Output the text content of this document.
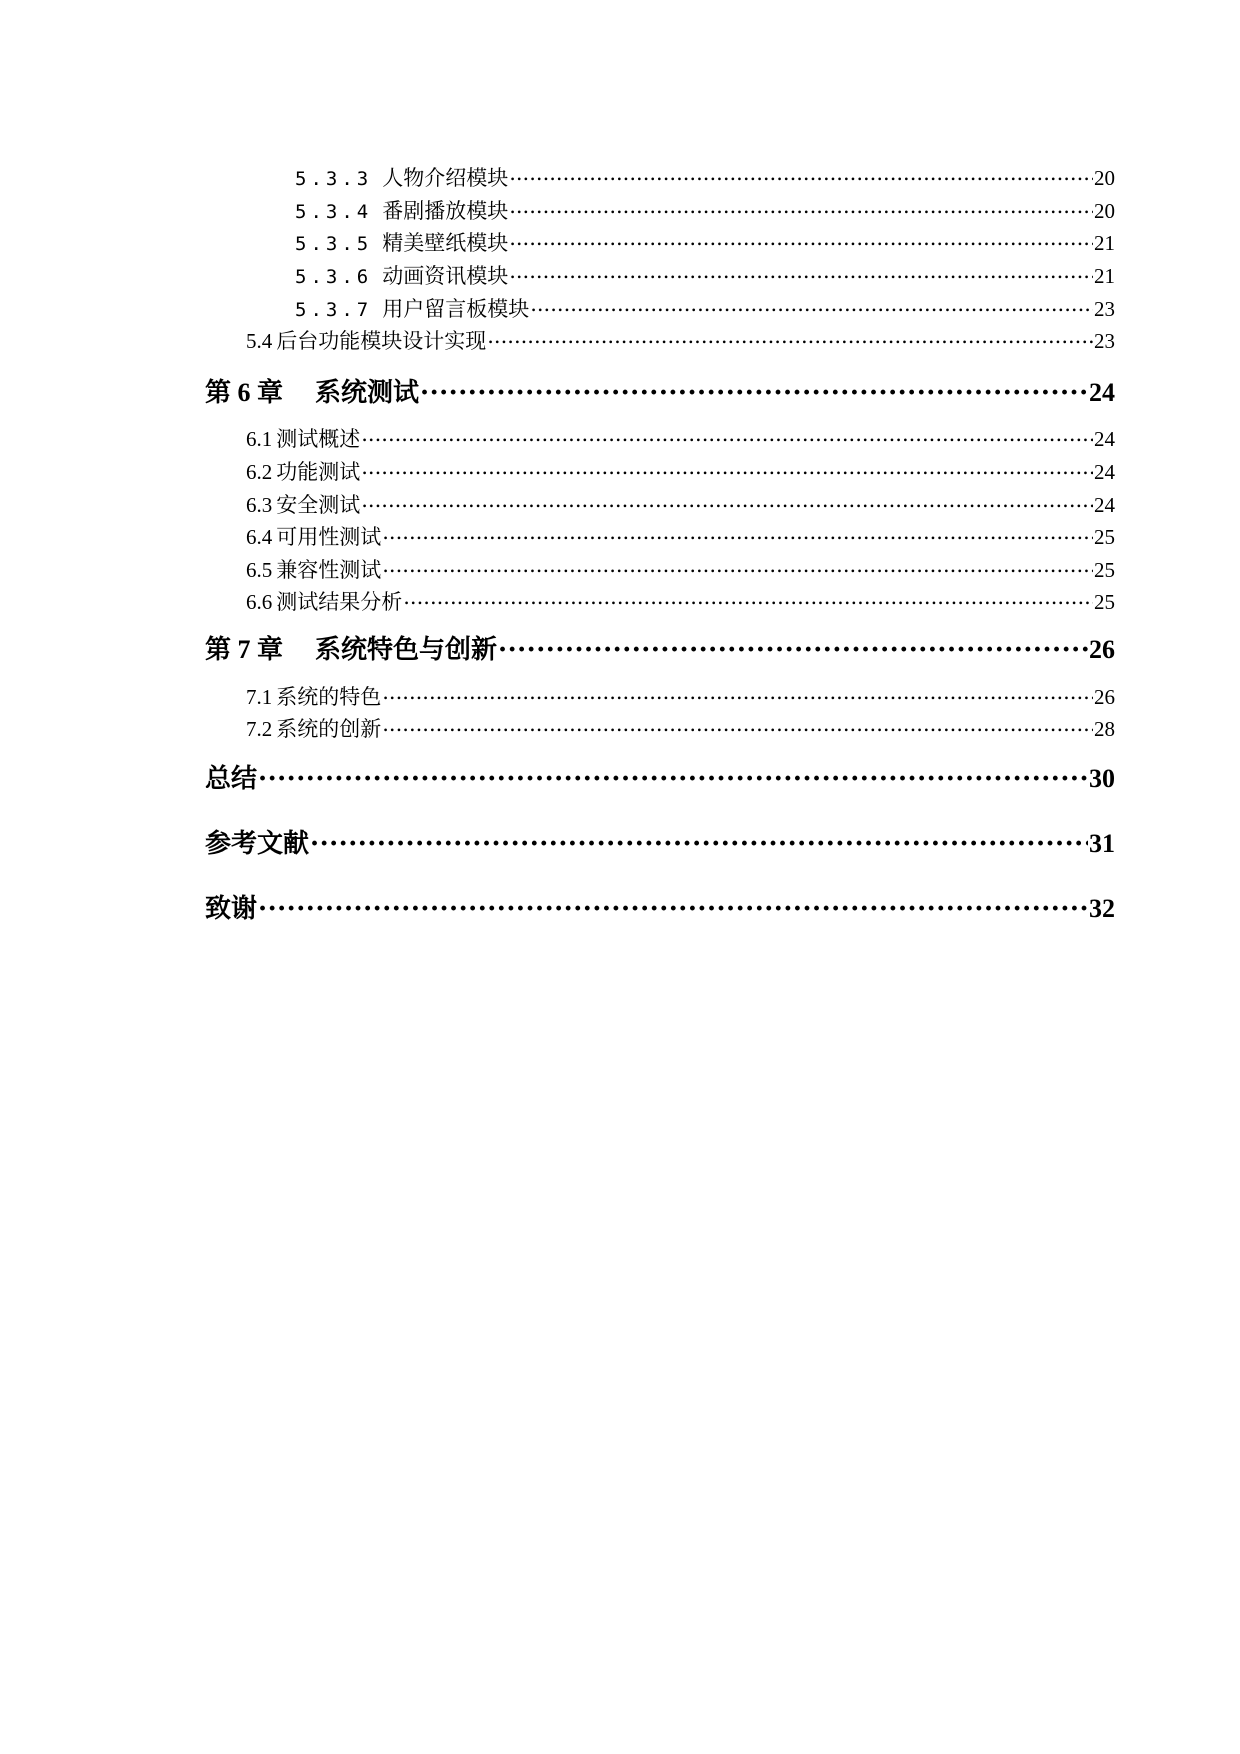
5.3.3 人物介绍模块 .....	20
5.3.4 番剧播放模块 .....	20
5.3.5 精美壁纸模块 .....	21
5.3.6 动画资讯模块 .....	21
5.3.7 用户留言板模块 .....	23
5.4 后台功能模块设计实现 .....	23
第 6 章 系统测试 .....	24
6.1 测试概述 .....	24
6.2 功能测试 .....	24
6.3 安全测试 .....	24
6.4 可用性测试 .....	25
6.5 兼容性测试 .....	25
6.6 测试结果分析 .....	25
第 7 章 系统特色与创新 .....	26
7.1 系统的特色 .....	26
7.2 系统的创新 .....	28
总结 .....	30
参考文献 .....	31
致谢 .....	32
